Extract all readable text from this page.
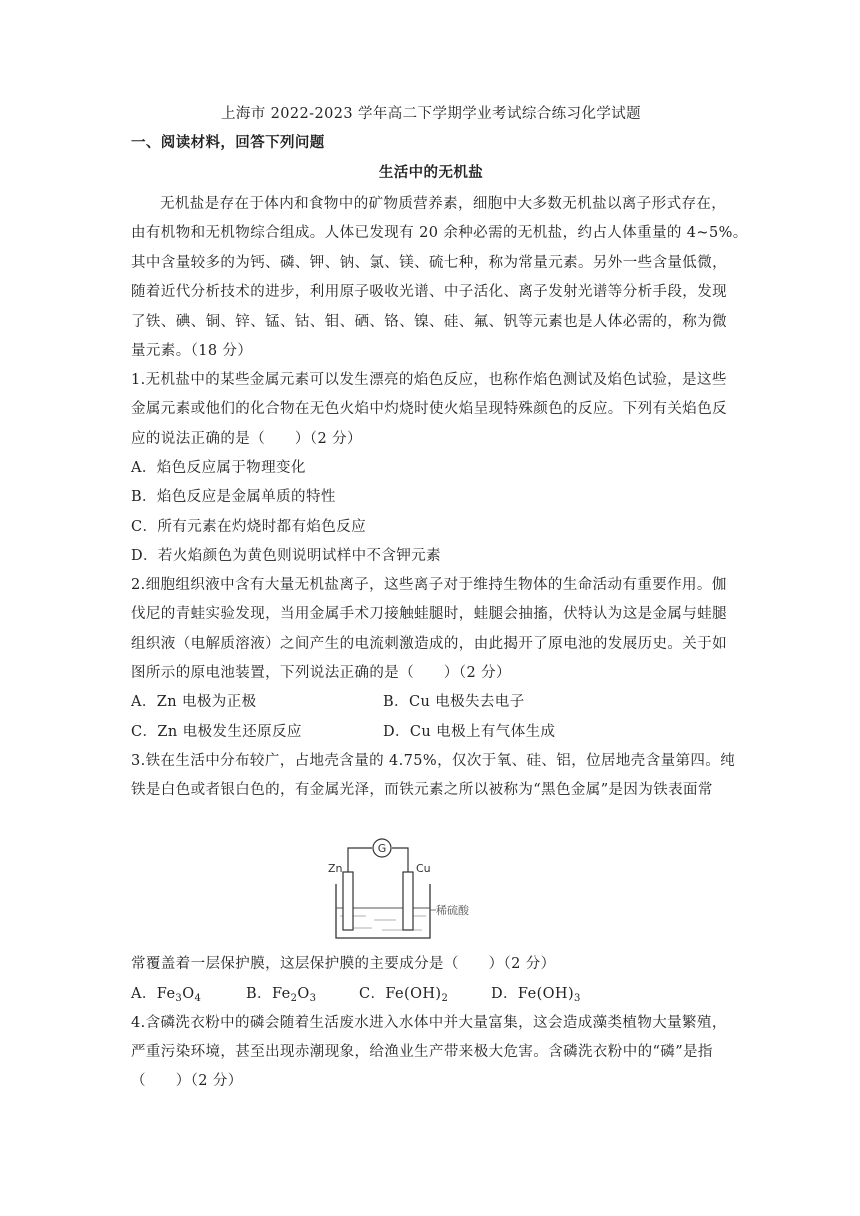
上海市 2022-2023 学年高二下学期学业考试综合练习化学试题
一、阅读材料，回答下列问题
生活中的无机盐
无机盐是存在于体内和食物中的矿物质营养素，细胞中大多数无机盐以离子形式存在，
由有机物和无机物综合组成。人体已发现有 20 余种必需的无机盐，约占人体重量的 4~5%。
其中含量较多的为钙、磷、钾、钠、氯、镁、硫七种，称为常量元素。另外一些含量低微，
随着近代分析技术的进步，利用原子吸收光谱、中子活化、离子发射光谱等分析手段，发现
了铁、碘、铜、锌、锰、钴、钼、硒、铬、镍、硅、氟、钒等元素也是人体必需的，称为微
量元素。（18 分）
1.无机盐中的某些金属元素可以发生漂亮的焰色反应，也称作焰色测试及焰色试验，是这些
金属元素或他们的化合物在无色火焰中灼烧时使火焰呈现特殊颜色的反应。下列有关焰色反
应的说法正确的是（　　）（2 分）
A．焰色反应属于物理变化
B．焰色反应是金属单质的特性
C．所有元素在灼烧时都有焰色反应
D．若火焰颜色为黄色则说明试样中不含钾元素
2.细胞组织液中含有大量无机盐离子，这些离子对于维持生物体的生命活动有重要作用。伽
伐尼的青蛙实验发现，当用金属手术刀接触蛙腿时，蛙腿会抽搐，伏特认为这是金属与蛙腿
组织液（电解质溶液）之间产生的电流刺激造成的，由此揭开了原电池的发展历史。关于如
图所示的原电池装置，下列说法正确的是（　　）（2 分）
A．Zn 电极为正极	B．Cu 电极失去电子
C．Zn 电极发生还原反应	D．Cu 电极上有气体生成
3.铁在生活中分布较广，占地壳含量的 4.75%，仅次于氧、硅、铝，位居地壳含量第四。纯
铁是白色或者银白色的，有金属光泽，而铁元素之所以被称为“黑色金属”是因为铁表面常
G
Zn	Cu
稀硫酸
常覆盖着一层保护膜，这层保护膜的主要成分是（　　）（2 分）
A．$Fe_3O_4$	B．$Fe_2O_3$	C．$Fe(OH)_2$	D．$Fe(OH)_3$
4.含磷洗衣粉中的磷会随着生活废水进入水体中并大量富集，这会造成藻类植物大量繁殖，
严重污染环境，甚至出现赤潮现象，给渔业生产带来极大危害。含磷洗衣粉中的“磷”是指
（　　）（2 分）
